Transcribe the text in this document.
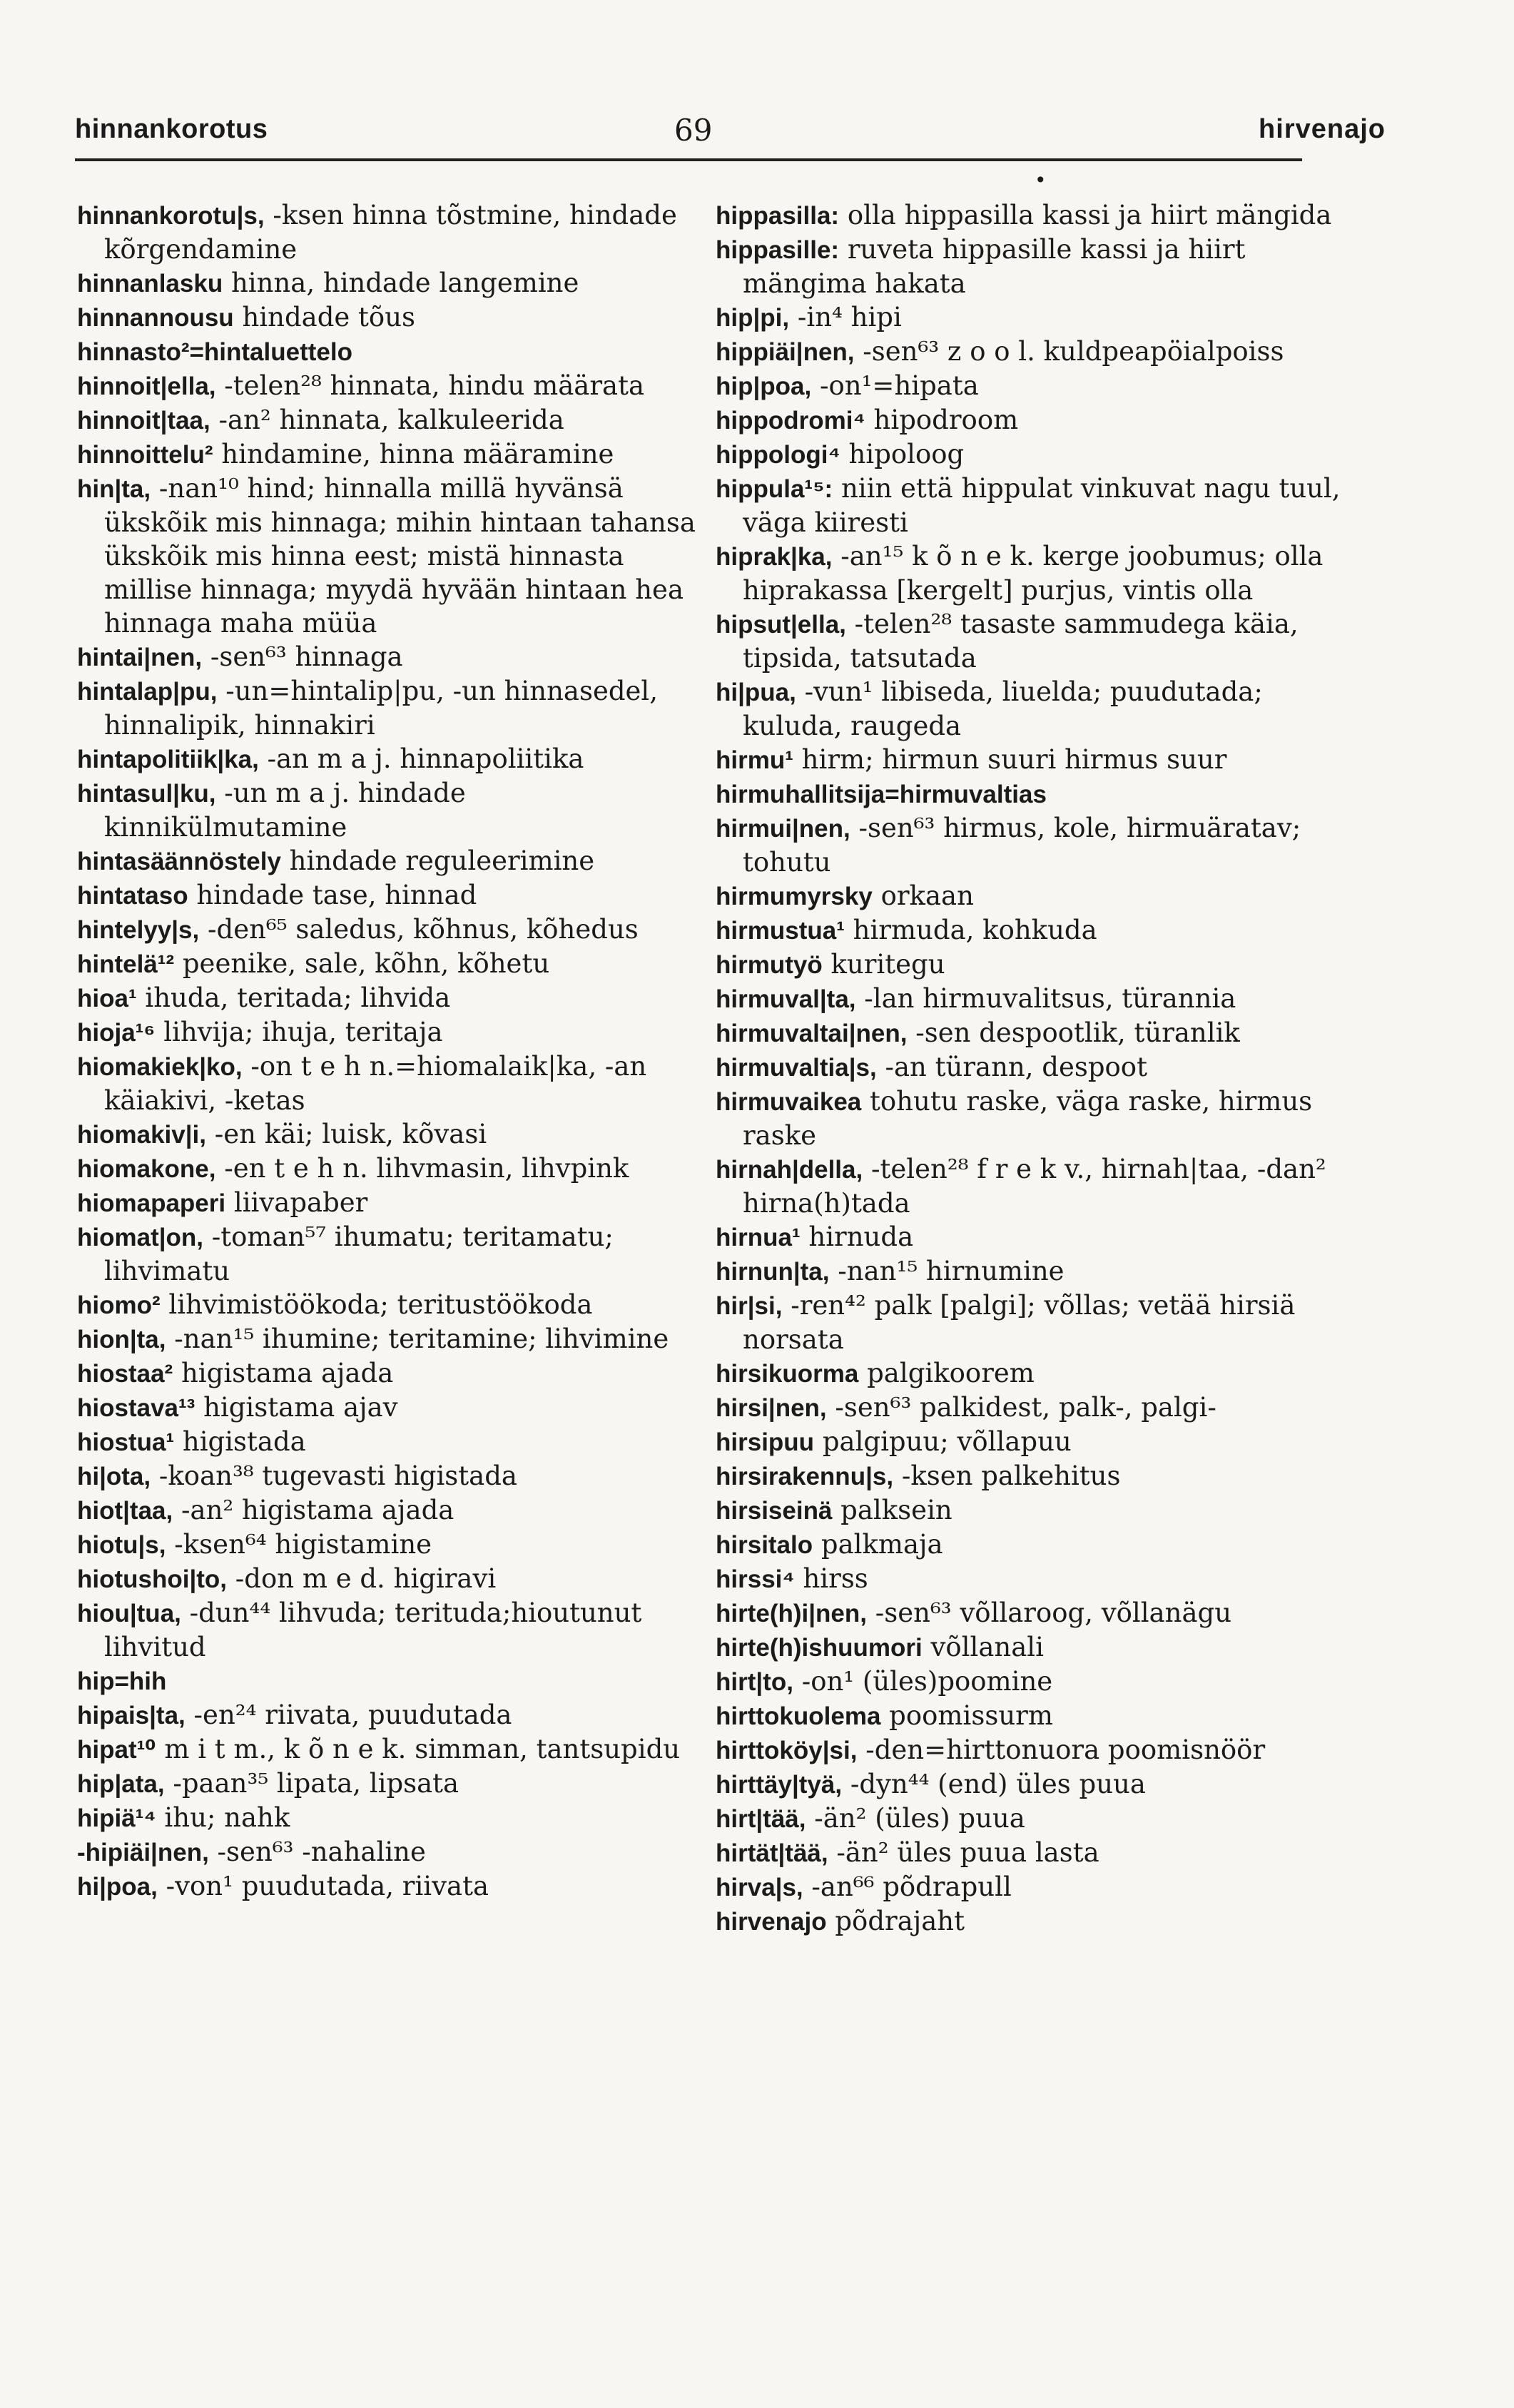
hinnankorotus	69	hirvenajo
•

hinnankorotu|s, -ksen hinna tõstmine, hindade kõrgendamine

hinnanlasku hinna, hindade langemine

hinnannousu hindade tõus

hinnasto²=hintaluettelo

hinnoit|ella, -telen²⁸ hinnata, hindu määrata

hinnoit|taa, -an² hinnata, kalkuleerida

hinnoittelu² hindamine, hinna määramine

hin|ta, -nan¹⁰ hind; hinnalla millä hyvänsä ükskõik mis hinnaga; mihin hintaan tahansa ükskõik mis hinna eest; mistä hinnasta millise hinnaga; myydä hyvään hintaan hea hinnaga maha müüa

hintai|nen, -sen⁶³ hinnaga

hintalap|pu, -un=hintalip|pu, -un hinnasedel, hinnalipik, hinnakiri

hintapolitiik|ka, -an m a j. hinnapoliitika

hintasul|ku, -un m a j. hindade kinnikülmutamine

hintasäännöstely hindade reguleerimine

hintataso hindade tase, hinnad

hintelyy|s, -den⁶⁵ saledus, kõhnus, kõhedus

hintelä¹² peenike, sale, kõhn, kõhetu

hioa¹ ihuda, teritada; lihvida

hioja¹⁶ lihvija; ihuja, teritaja

hiomakiek|ko, -on t e h n.=hiomalaik|ka, -an käiakivi, -ketas

hiomakiv|i, -en käi; luisk, kõvasi

hiomakone, -en t e h n. lihvmasin, lihvpink

hiomapaperi liivapaber

hiomat|on, -toman⁵⁷ ihumatu; teritamatu; lihvimatu

hiomo² lihvimistöökoda; teritustöökoda

hion|ta, -nan¹⁵ ihumine; teritamine; lihvimine

hiostaa² higistama ajada

hiostava¹³ higistama ajav

hiostua¹ higistada

hi|ota, -koan³⁸ tugevasti higistada

hiot|taa, -an² higistama ajada

hiotu|s, -ksen⁶⁴ higistamine

hiotushoi|to, -don m e d. higiravi

hiou|tua, -dun⁴⁴ lihvuda; terituda;hioutunut lihvitud

hip=hih

hipais|ta, -en²⁴ riivata, puudutada

hipat¹⁰ m i t m., k õ n e k. simman, tantsupidu

hip|ata, -paan³⁵ lipata, lipsata

hipiä¹⁴ ihu; nahk

-hipiäi|nen, -sen⁶³ -nahaline

hi|poa, -von¹ puudutada, riivata

hippasilla: olla hippasilla kassi ja hiirt mängida

hippasille: ruveta hippasille kassi ja hiirt mängima hakata

hip|pi, -in⁴ hipi

hippiäi|nen, -sen⁶³ z o o l. kuldpeapöialpoiss

hip|poa, -on¹=hipata

hippodromi⁴ hipodroom

hippologi⁴ hipoloog

hippula¹⁵: niin että hippulat vinkuvat nagu tuul, väga kiiresti

hiprak|ka, -an¹⁵ k õ n e k. kerge joobumus; olla hiprakassa [kergelt] purjus, vintis olla

hipsut|ella, -telen²⁸ tasaste sammudega käia, tipsida, tatsutada

hi|pua, -vun¹ libiseda, liuelda; puudutada; kuluda, raugeda

hirmu¹ hirm; hirmun suuri hirmus suur

hirmuhallitsija=hirmuvaltias

hirmui|nen, -sen⁶³ hirmus, kole, hirmuäratav; tohutu

hirmumyrsky orkaan

hirmustua¹ hirmuda, kohkuda

hirmutyö kuritegu

hirmuval|ta, -lan hirmuvalitsus, türannia

hirmuvaltai|nen, -sen despootlik, türanlik

hirmuvaltia|s, -an türann, despoot

hirmuvaikea tohutu raske, väga raske, hirmus raske

hirnah|della, -telen²⁸ f r e k v., hirnah|taa, -dan² hirna(h)tada

hirnua¹ hirnuda

hirnun|ta, -nan¹⁵ hirnumine

hir|si, -ren⁴² palk [palgi]; võllas; vetää hirsiä norsata

hirsikuorma palgikoorem

hirsi|nen, -sen⁶³ palkidest, palk-, palgi-

hirsipuu palgipuu; võllapuu

hirsirakennu|s, -ksen palkehitus

hirsiseinä palksein

hirsitalo palkmaja

hirssi⁴ hirss

hirte(h)i|nen, -sen⁶³ võllaroog, võllanägu

hirte(h)ishuumori võllanali

hirt|to, -on¹ (üles)poomine

hirttokuolema poomissurm

hirttoköy|si, -den=hirttonuora poomisnöör

hirttäy|tyä, -dyn⁴⁴ (end) üles puua

hirt|tää, -än² (üles) puua

hirtät|tää, -än² üles puua lasta

hirva|s, -an⁶⁶ põdrapull

hirvenajo põdrajaht
